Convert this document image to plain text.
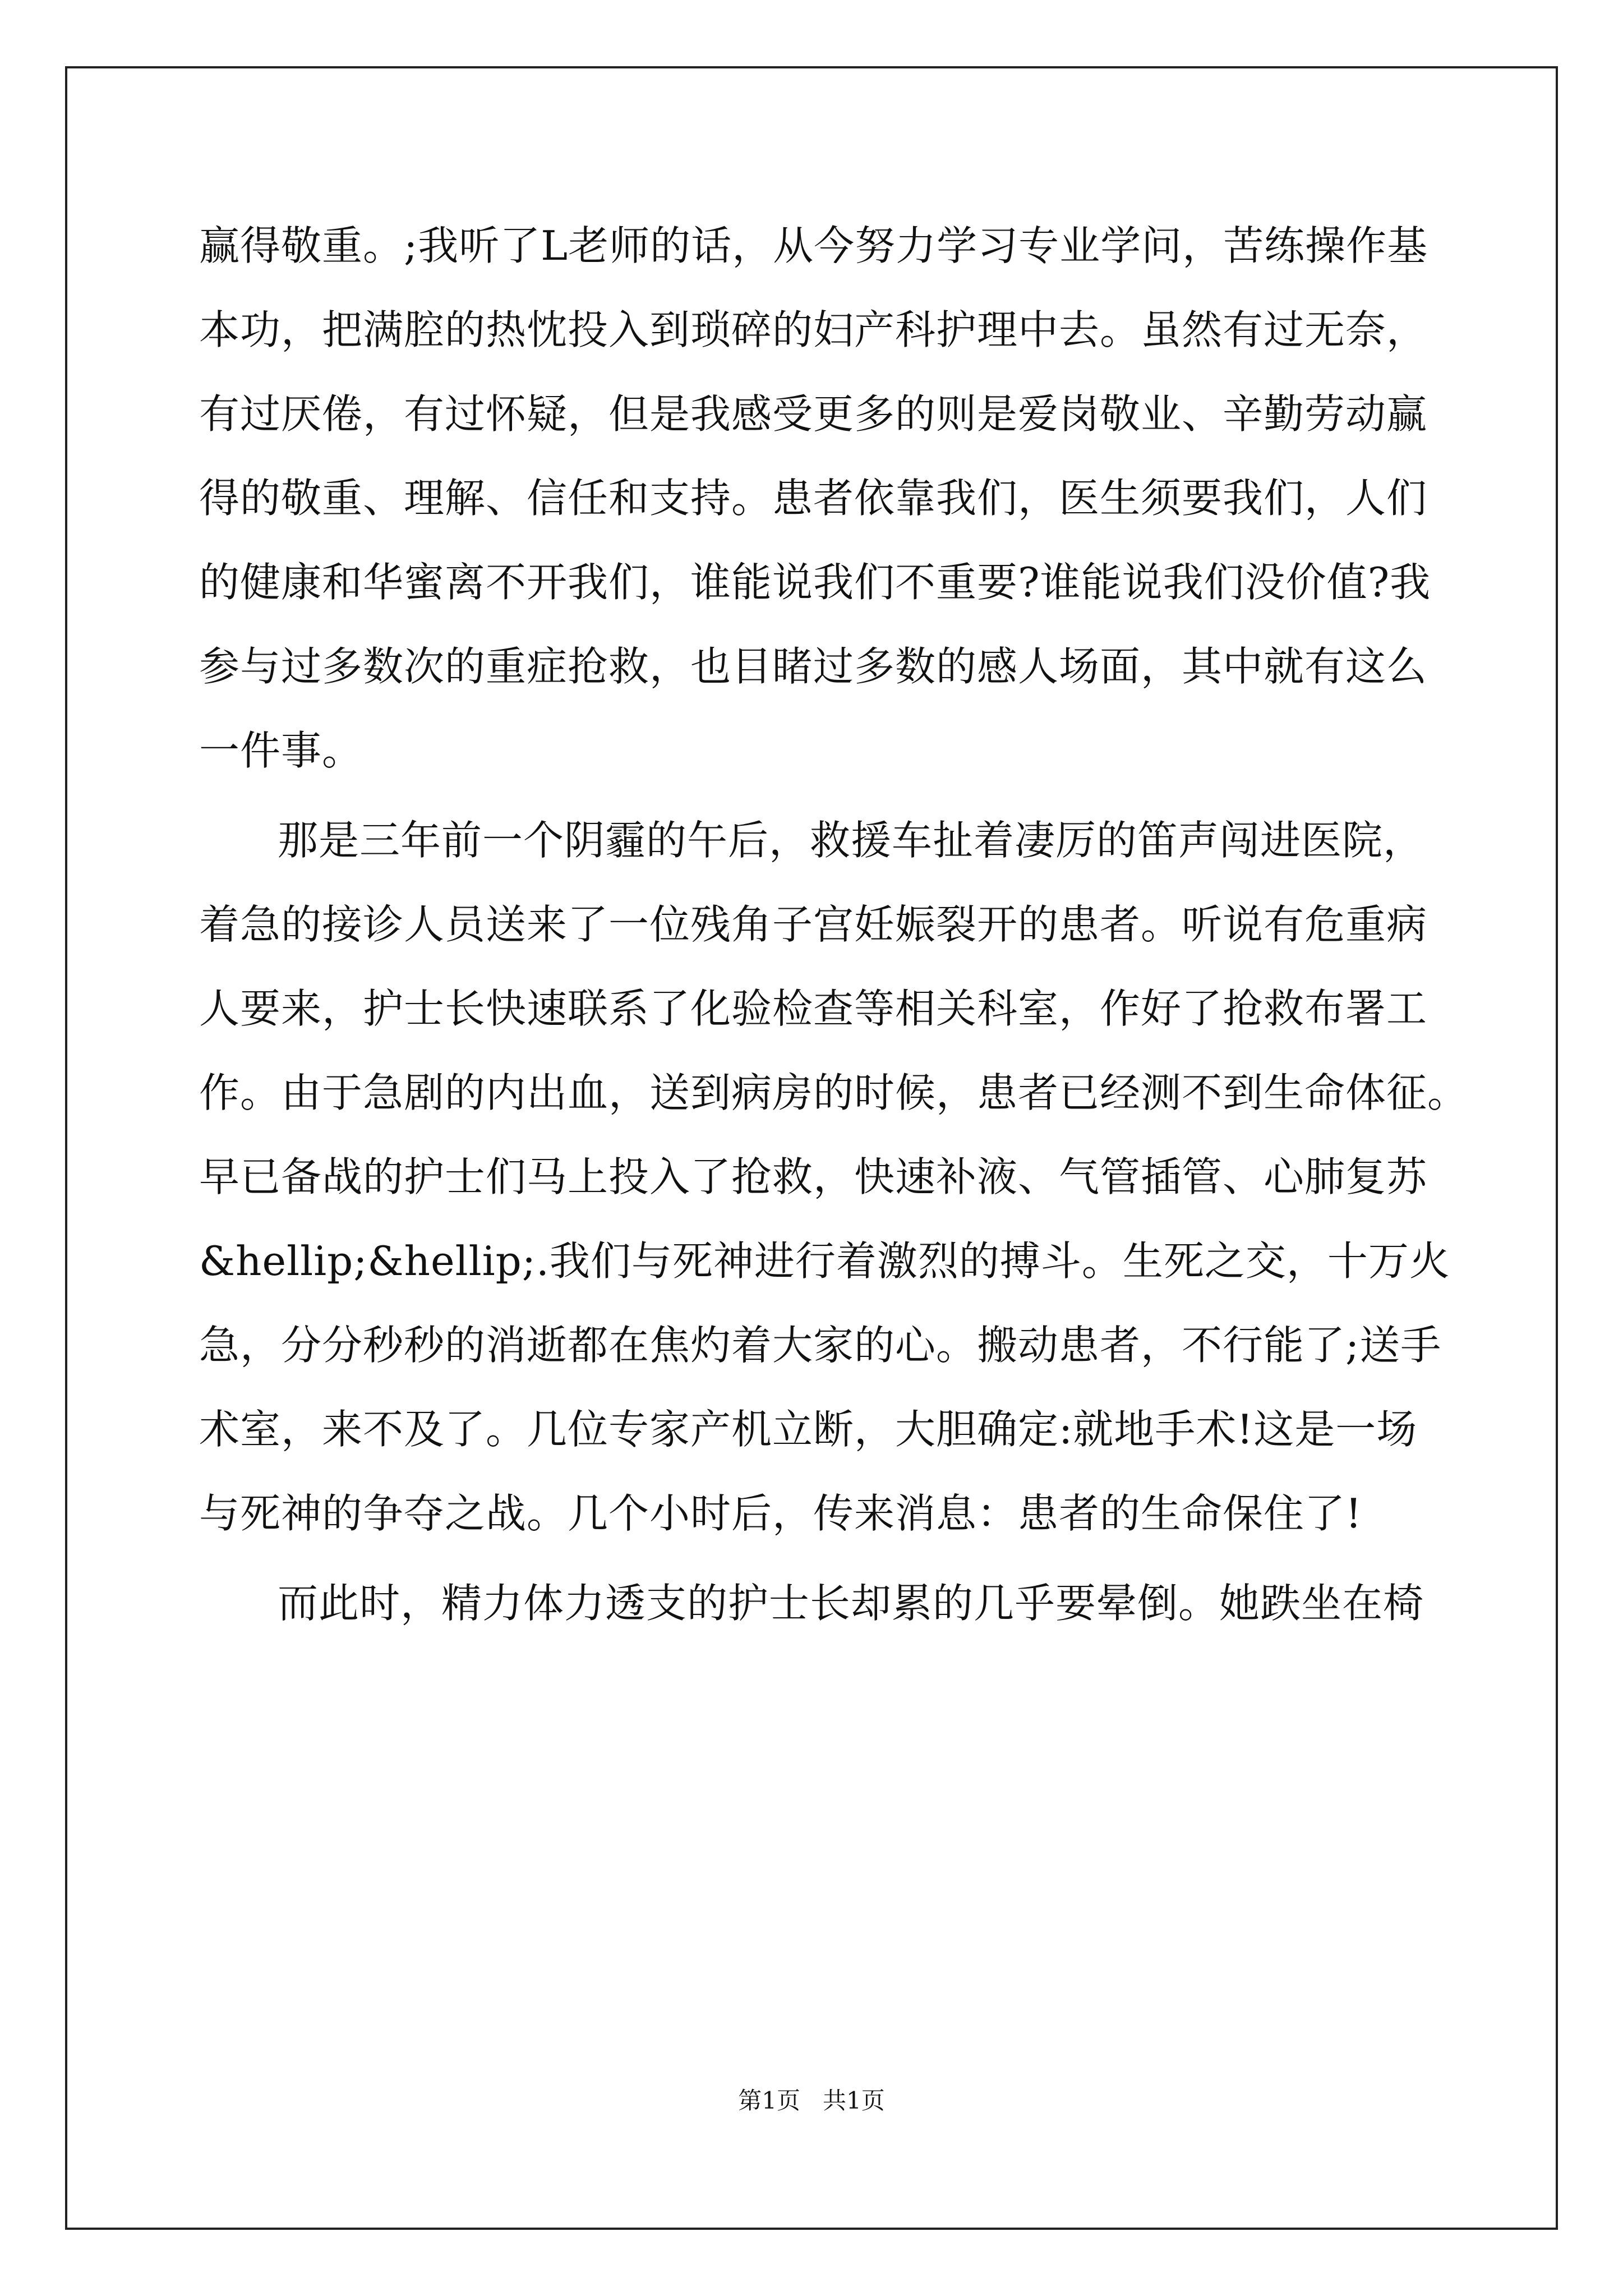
赢得敬重。;我听了L老师的话，从今努力学习专业学问，苦练操作基
本功，把满腔的热忱投入到琐碎的妇产科护理中去。虽然有过无奈，
有过厌倦，有过怀疑，但是我感受更多的则是爱岗敬业、辛勤劳动赢
得的敬重、理解、信任和支持。患者依靠我们，医生须要我们，人们
的健康和华蜜离不开我们，谁能说我们不重要?谁能说我们没价值?我
参与过多数次的重症抢救，也目睹过多数的感人场面，其中就有这么
一件事。
那是三年前一个阴霾的午后，救援车扯着凄厉的笛声闯进医院，
着急的接诊人员送来了一位残角子宫妊娠裂开的患者。听说有危重病
人要来，护士长快速联系了化验检查等相关科室，作好了抢救布署工
作。由于急剧的内出血，送到病房的时候，患者已经测不到生命体征。
早已备战的护士们马上投入了抢救，快速补液、气管插管、心肺复苏
&hellip;&hellip;.我们与死神进行着激烈的搏斗。生死之交，十万火
急，分分秒秒的消逝都在焦灼着大家的心。搬动患者，不行能了;送手
术室，来不及了。几位专家产机立断，大胆确定:就地手术!这是一场
与死神的争夺之战。几个小时后，传来消息：患者的生命保住了!
而此时，精力体力透支的护士长却累的几乎要晕倒。她跌坐在椅
第1页   共1页
